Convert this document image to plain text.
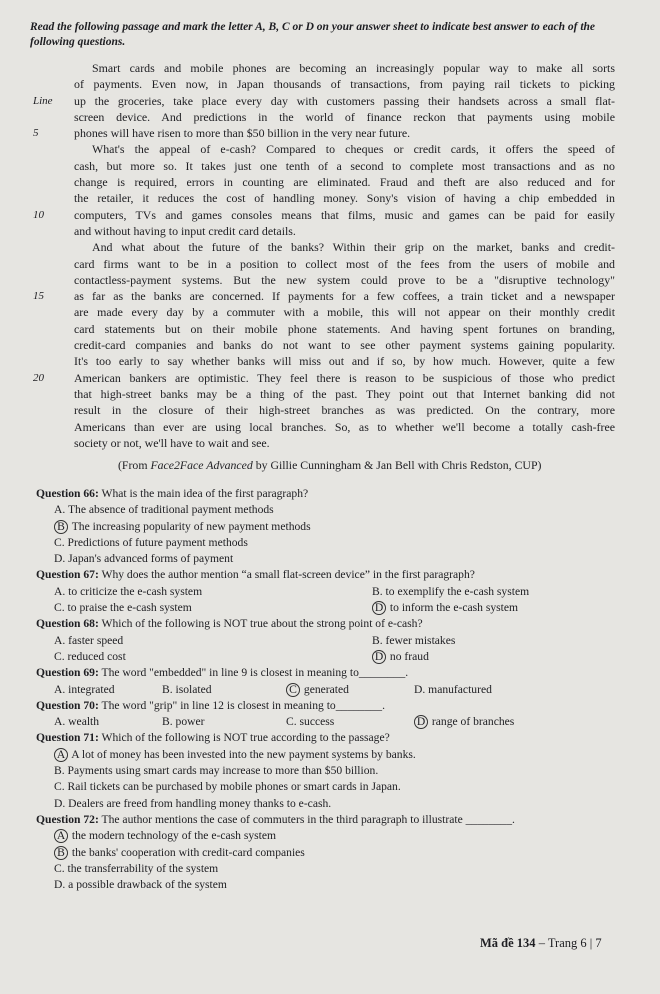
Read the following passage and mark the letter A, B, C or D on your answer sheet to indicate best answer to each of the following questions.
Smart cards and mobile phones are becoming an increasingly popular way to make all sorts
of payments. Even now, in Japan thousands of transactions, from paying rail tickets to picking
Line up the groceries, take place every day with customers passing their handsets across a small flat-
screen device. And predictions in the world of finance reckon that payments using mobile
5	phones will have risen to more than $50 billion in the very near future.
What's the appeal of e-cash? Compared to cheques or credit cards, it offers the speed of
cash, but more so. It takes just one tenth of a second to complete most transactions and as no
change is required, errors in counting are eliminated. Fraud and theft are also reduced and for
the retailer, it reduces the cost of handling money. Sony's vision of having a chip embedded in
10	computers, TVs and games consoles means that films, music and games can be paid for easily
and without having to input credit card details.
And what about the future of the banks? Within their grip on the market, banks and credit-
card firms want to be in a position to collect most of the fees from the users of mobile and
contactless-payment systems. But the new system could prove to be a "disruptive technology"
15	as far as the banks are concerned. If payments for a few coffees, a train ticket and a newspaper
are made every day by a commuter with a mobile, this will not appear on their monthly credit
card statements but on their mobile phone statements. And having spent fortunes on branding,
credit-card companies and banks do not want to see other payment systems gaining popularity.
It's too early to say whether banks will miss out and if so, by how much. However, quite a few
20	American bankers are optimistic. They feel there is reason to be suspicious of those who predict
that high-street banks may be a thing of the past. They point out that Internet banking did not
result in the closure of their high-street branches as was predicted. On the contrary, more
Americans than ever are using local branches. So, as to whether we'll become a totally cash-free
society or not, we'll have to wait and see.
(From Face2Face Advanced by Gillie Cunningham & Jan Bell with Chris Redston, CUP)
Question 66: What is the main idea of the first paragraph?
A. The absence of traditional payment methods
B The increasing popularity of new payment methods
C. Predictions of future payment methods
D. Japan's advanced forms of payment
Question 67: Why does the author mention “a small flat-screen device” in the first paragraph?
A. to criticize the e-cash system	B. to exemplify the e-cash system
C. to praise the e-cash system	D to inform the e-cash system
Question 68: Which of the following is NOT true about the strong point of e-cash?
A. faster speed	B. fewer mistakes
C. reduced cost	D no fraud
Question 69: The word "embedded" in line 9 is closest in meaning to________.
A. integrated	B. isolated	C generated	D. manufactured
Question 70: The word "grip" in line 12 is closest in meaning to________.
A. wealth	B. power	C. success	D range of branches
Question 71: Which of the following is NOT true according to the passage?
A A lot of money has been invested into the new payment systems by banks.
B. Payments using smart cards may increase to more than $50 billion.
C. Rail tickets can be purchased by mobile phones or smart cards in Japan.
D. Dealers are freed from handling money thanks to e-cash.
Question 72: The author mentions the case of commuters in the third paragraph to illustrate ________.
A the modern technology of the e-cash system
B the banks' cooperation with credit-card companies
C. the transferrability of the system
D. a possible drawback of the system
Mã đề 134 – Trang 6 | 7
